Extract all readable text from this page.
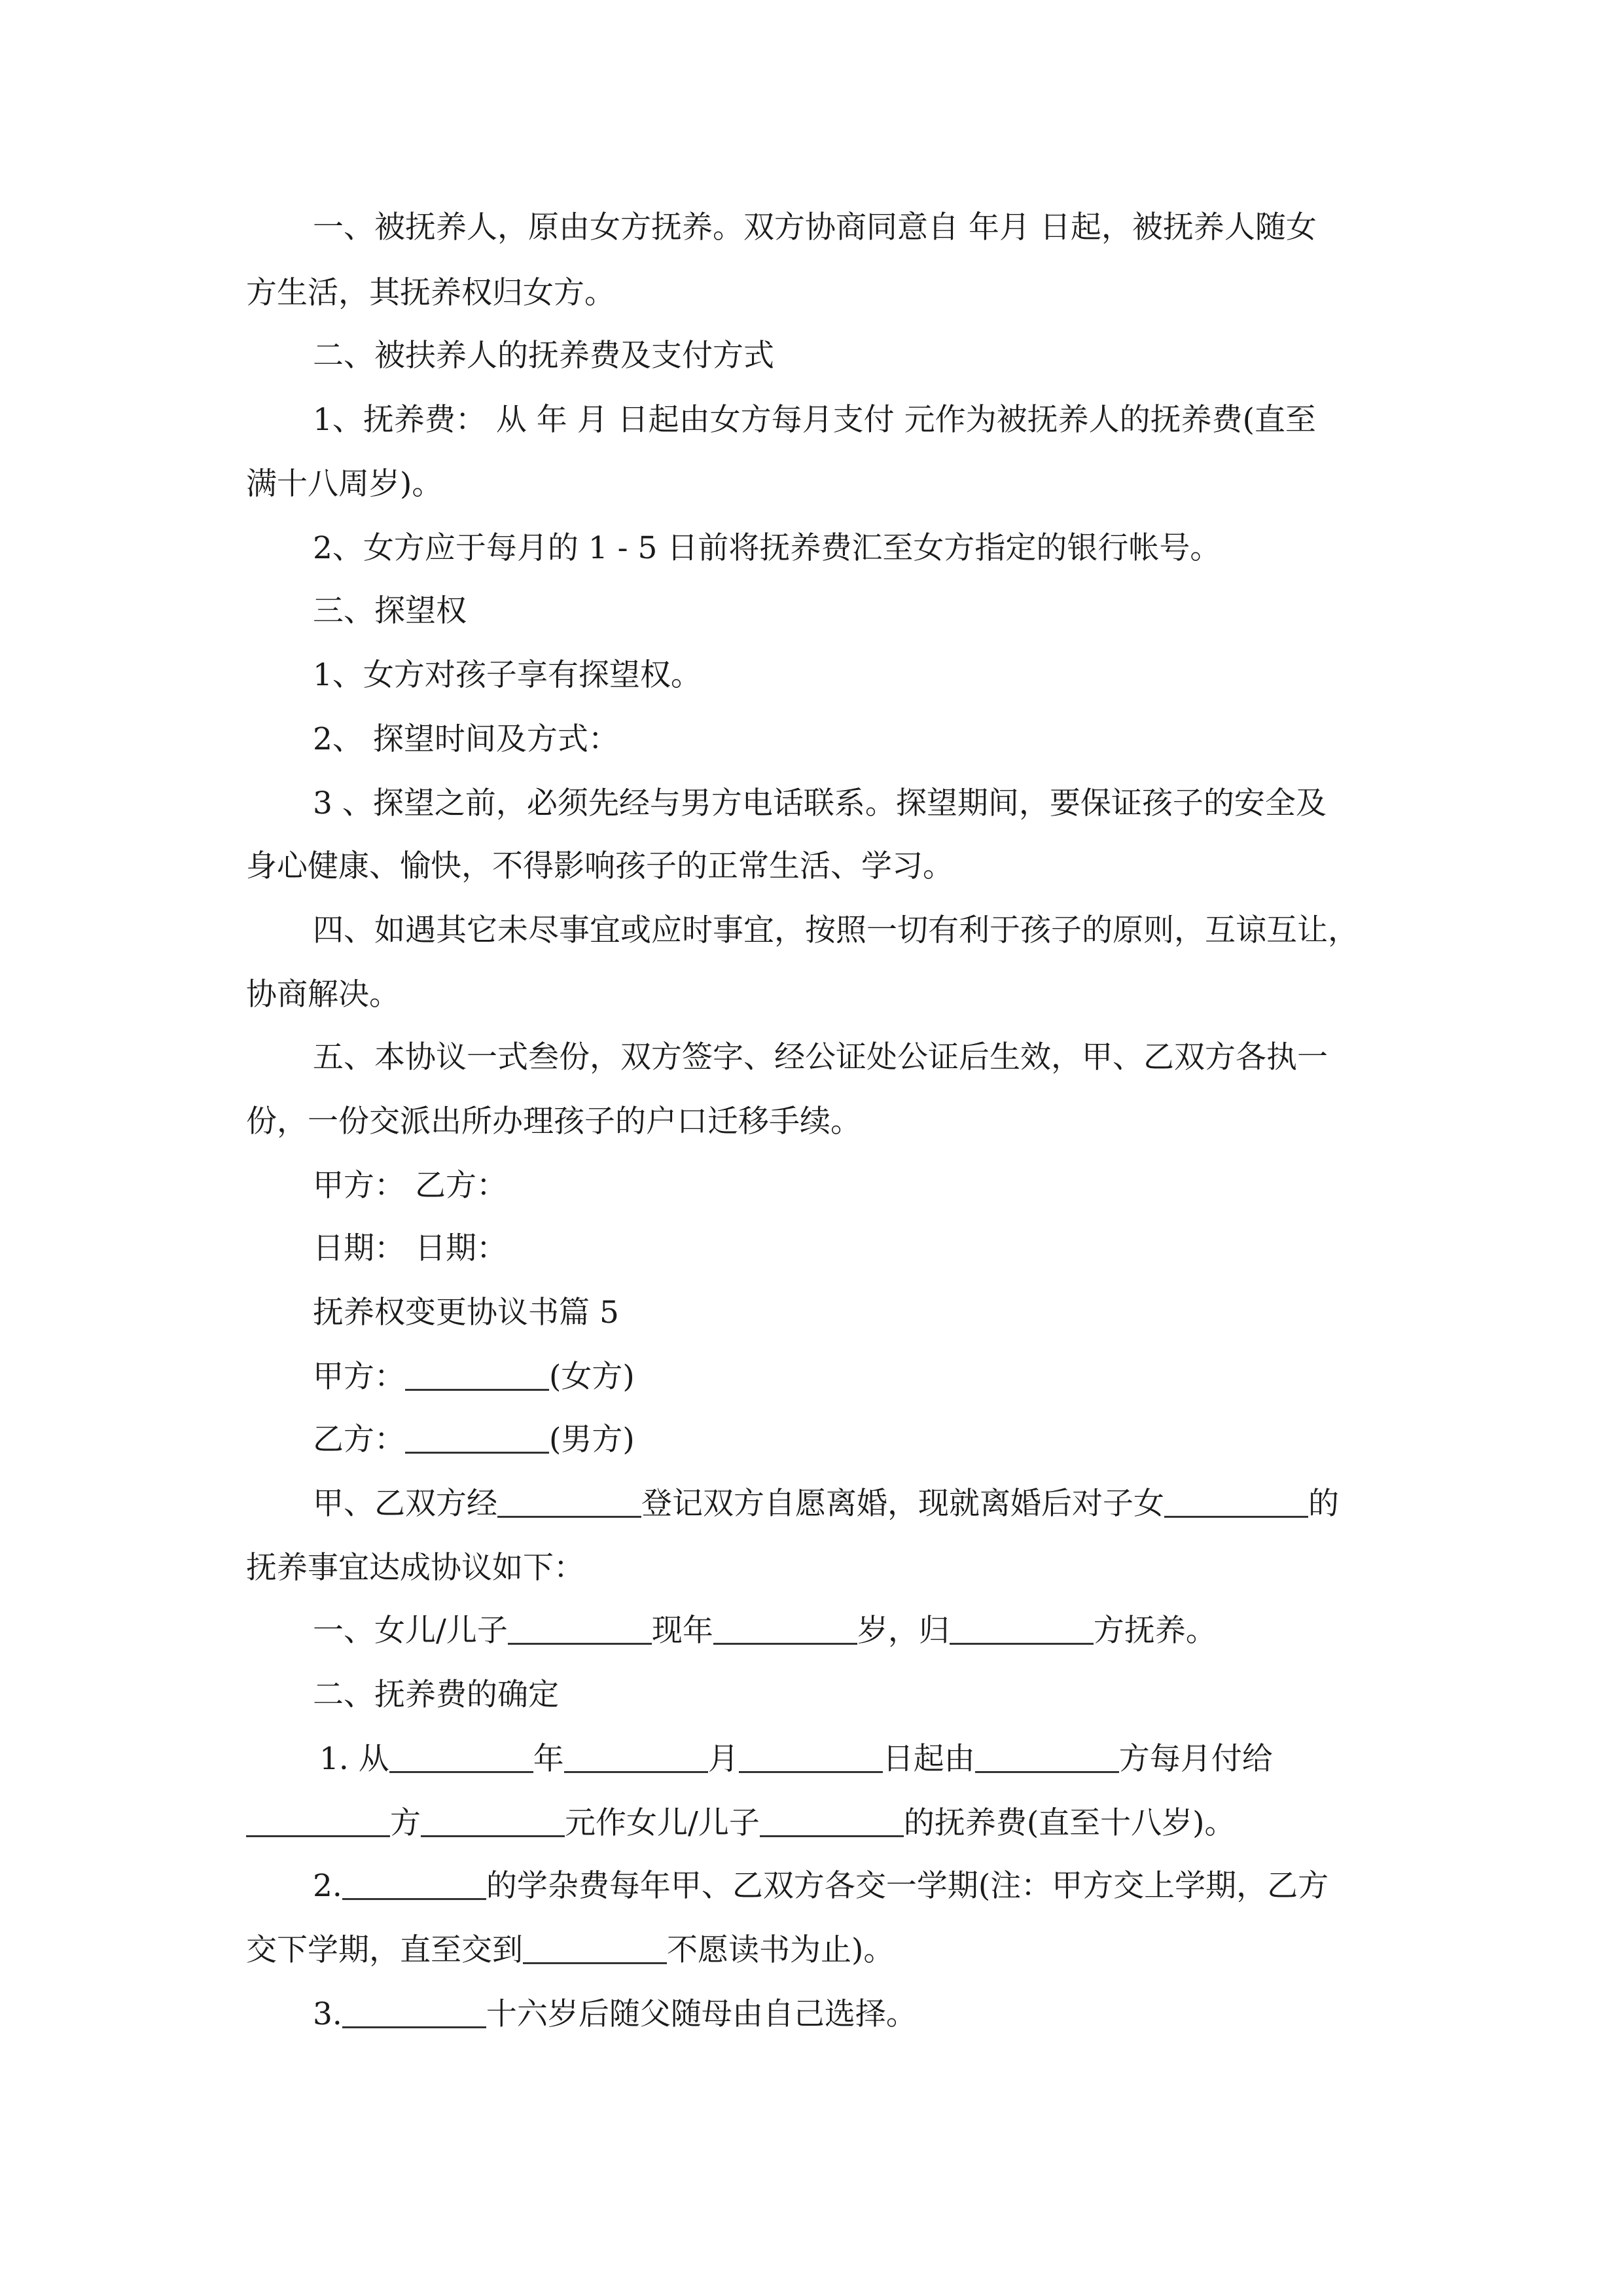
一、被抚养人，原由女方抚养。双方协商同意自 年月 日起，被抚养人随女
方生活，其抚养权归女方。
二、被扶养人的抚养费及支付方式
1、抚养费： 从 年 月 日起由女方每月支付 元作为被抚养人的抚养费(直至
满十八周岁)。
2、女方应于每月的 1 - 5 日前将抚养费汇至女方指定的银行帐号。
三、探望权
1、女方对孩子享有探望权。
2、 探望时间及方式：
3 、探望之前，必须先经与男方电话联系。探望期间，要保证孩子的安全及
身心健康、愉快，不得影响孩子的正常生活、学习。
四、如遇其它未尽事宜或应时事宜，按照一切有利于孩子的原则，互谅互让，
协商解决。
五、本协议一式叁份，双方签字、经公证处公证后生效，甲、乙双方各执一
份，一份交派出所办理孩子的户口迁移手续。
甲方： 乙方：
日期： 日期：
抚养权变更协议书篇 5
甲方：	(女方)
乙方：	(男方)
甲、乙双方经	登记双方自愿离婚，现就离婚后对子女	的
抚养事宜达成协议如下：
一、女儿/儿子	现年	岁，归	方抚养。
二、抚养费的确定
1. 从	年	月	日起由	方每月付给
方	元作女儿/儿子	的抚养费(直至十八岁)。
2.	的学杂费每年甲、乙双方各交一学期(注：甲方交上学期，乙方
交下学期，直至交到	不愿读书为止)。
3.	十六岁后随父随母由自己选择。
